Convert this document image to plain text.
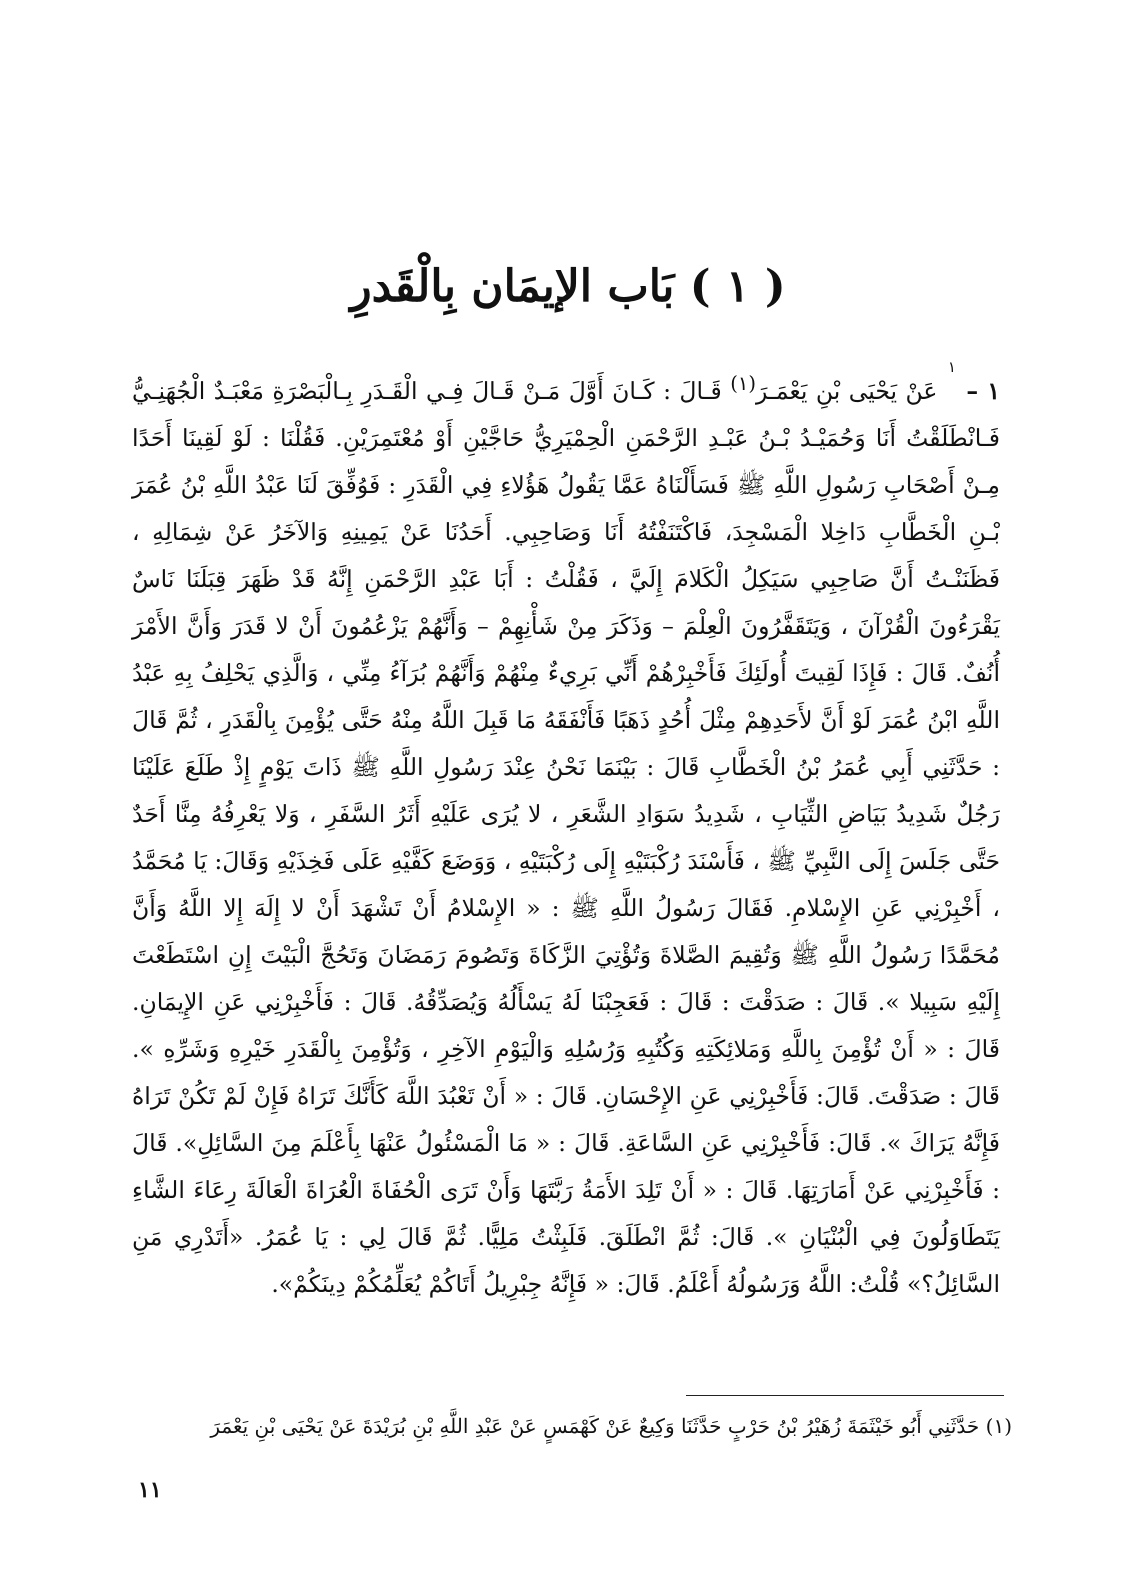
( ١ ) بَاب الإيمَان بِالْقَدرِ

١ – ١ عَنْ يَحْيَى بْنِ يَعْمَـرَ$^{(١)}$ قَـالَ : كَـانَ أَوَّلَ مَـنْ قَـالَ فِـي الْقَـدَرِ بِـالْبَصْرَةِ مَعْبَـدٌ الْجُهَنِـيُّ فَـانْطَلَقْتُ أَنَا وَحُمَيْـدُ بْـنُ عَبْـدِ الرَّحْمَنِ الْحِمْيَرِيُّ حَاجَّيْنِ أَوْ مُعْتَمِرَيْنِ. فَقُلْنَا : لَوْ لَقِينَا أَحَدًا مِـنْ أَصْحَابِ رَسُولِ اللَّهِ ﷺ فَسَأَلْنَاهُ عَمَّا يَقُولُ هَؤُلاءِ فِي الْقَدَرِ : فَوُفِّقَ لَنَا عَبْدُ اللَّهِ بْنُ عُمَرَ بْـنِ الْخَطَّابِ دَاخِلا الْمَسْجِدَ، فَاكْتَنَفْتُهُ أَنَا وَصَاحِبِي. أَحَدُنَا عَنْ يَمِينِهِ وَالآخَرُ عَنْ شِمَالِهِ ، فَظَنَنْـتُ أَنَّ صَاحِبِي سَيَكِلُ الْكَلامَ إِلَيَّ ، فَقُلْتُ : أَبَا عَبْدِ الرَّحْمَنِ إِنَّهُ قَدْ ظَهَرَ قِبَلَنَا نَاسٌ يَقْرَءُونَ الْقُرْآنَ ، وَيَتَقَفَّرُونَ الْعِلْمَ – وَذَكَرَ مِنْ شَأْنِهِمْ – وَأَنَّهُمْ يَزْعُمُونَ أَنْ لا قَدَرَ وَأَنَّ الأَمْرَ أُنُفٌ. قَالَ : فَإِذَا لَقِيتَ أُولَئِكَ فَأَخْبِرْهُمْ أَنِّي بَرِيءٌ مِنْهُمْ وَأَنَّهُمْ بُرَآءُ مِنِّي ، وَالَّذِي يَحْلِفُ بِهِ عَبْدُ اللَّهِ ابْنُ عُمَرَ لَوْ أَنَّ لأَحَدِهِمْ مِثْلَ أُحُدٍ ذَهَبًا فَأَنْفَقَهُ مَا قَبِلَ اللَّهُ مِنْهُ حَتَّى يُؤْمِنَ بِالْقَدَرِ ، ثُمَّ قَالَ : حَدَّثَنِي أَبِي عُمَرُ بْنُ الْخَطَّابِ قَالَ : بَيْنَمَا نَحْنُ عِنْدَ رَسُولِ اللَّهِ ﷺ ذَاتَ يَوْمٍ إِذْ طَلَعَ عَلَيْنَا رَجُلٌ شَدِيدُ بَيَاضِ الثِّيَابِ ، شَدِيدُ سَوَادِ الشَّعَرِ ، لا يُرَى عَلَيْهِ أَثَرُ السَّفَرِ ، وَلا يَعْرِفُهُ مِنَّا أَحَدٌ حَتَّى جَلَسَ إِلَى النَّبِيِّ ﷺ ، فَأَسْنَدَ رُكْبَتَيْهِ إِلَى رُكْبَتَيْهِ ، وَوَضَعَ كَفَّيْهِ عَلَى فَخِذَيْهِ وَقَالَ: يَا مُحَمَّدُ ، أَخْبِرْنِي عَنِ الإِسْلامِ. فَقَالَ رَسُولُ اللَّهِ ﷺ : « الإِسْلامُ أَنْ تَشْهَدَ أَنْ لا إِلَهَ إِلا اللَّهُ وَأَنَّ مُحَمَّدًا رَسُولُ اللَّهِ ﷺ وَتُقِيمَ الصَّلاةَ وَتُؤْتِيَ الزَّكَاةَ وَتَصُومَ رَمَضَانَ وَتَحُجَّ الْبَيْتَ إِنِ اسْتَطَعْتَ إِلَيْهِ سَبِيلا ». قَالَ : صَدَقْتَ : قَالَ : فَعَجِبْنَا لَهُ يَسْأَلُهُ وَيُصَدِّقُهُ. قَالَ : فَأَخْبِرْنِي عَنِ الإِيمَانِ. قَالَ : « أَنْ تُؤْمِنَ بِاللَّهِ وَمَلائِكَتِهِ وَكُتُبِهِ وَرُسُلِهِ وَالْيَوْمِ الآخِرِ ، وَتُؤْمِنَ بِالْقَدَرِ خَيْرِهِ وَشَرِّهِ ». قَالَ : صَدَقْتَ. قَالَ: فَأَخْبِرْنِي عَنِ الإِحْسَانِ. قَالَ : « أَنْ تَعْبُدَ اللَّهَ كَأَنَّكَ تَرَاهُ فَإِنْ لَمْ تَكُنْ تَرَاهُ فَإِنَّهُ يَرَاكَ ». قَالَ: فَأَخْبِرْنِي عَنِ السَّاعَةِ. قَالَ : « مَا الْمَسْئُولُ عَنْهَا بِأَعْلَمَ مِنَ السَّائِلِ». قَالَ : فَأَخْبِرْنِي عَنْ أَمَارَتِهَا. قَالَ : « أَنْ تَلِدَ الأَمَةُ رَبَّتَهَا وَأَنْ تَرَى الْحُفَاةَ الْعُرَاةَ الْعَالَةَ رِعَاءَ الشَّاءِ يَتَطَاوَلُونَ فِي الْبُنْيَانِ ». قَالَ: ثُمَّ انْطَلَقَ. فَلَبِثْتُ مَلِيًّا. ثُمَّ قَالَ لِي : يَا عُمَرُ. «أَتَدْرِي مَنِ السَّائِلُ؟» قُلْتُ: اللَّهُ وَرَسُولُهُ أَعْلَمُ. قَالَ: « فَإِنَّهُ جِبْرِيلُ أَتَاكُمْ يُعَلِّمُكُمْ دِينَكُمْ».

(١) حَدَّثَنِي أَبُو خَيْثَمَةَ زُهَيْرُ بْنُ حَرْبٍ حَدَّثَنَا وَكِيعٌ عَنْ كَهْمَسٍ عَنْ عَبْدِ اللَّهِ بْنِ بُرَيْدَةَ عَنْ يَحْيَى بْنِ يَعْمَرَ

١١
